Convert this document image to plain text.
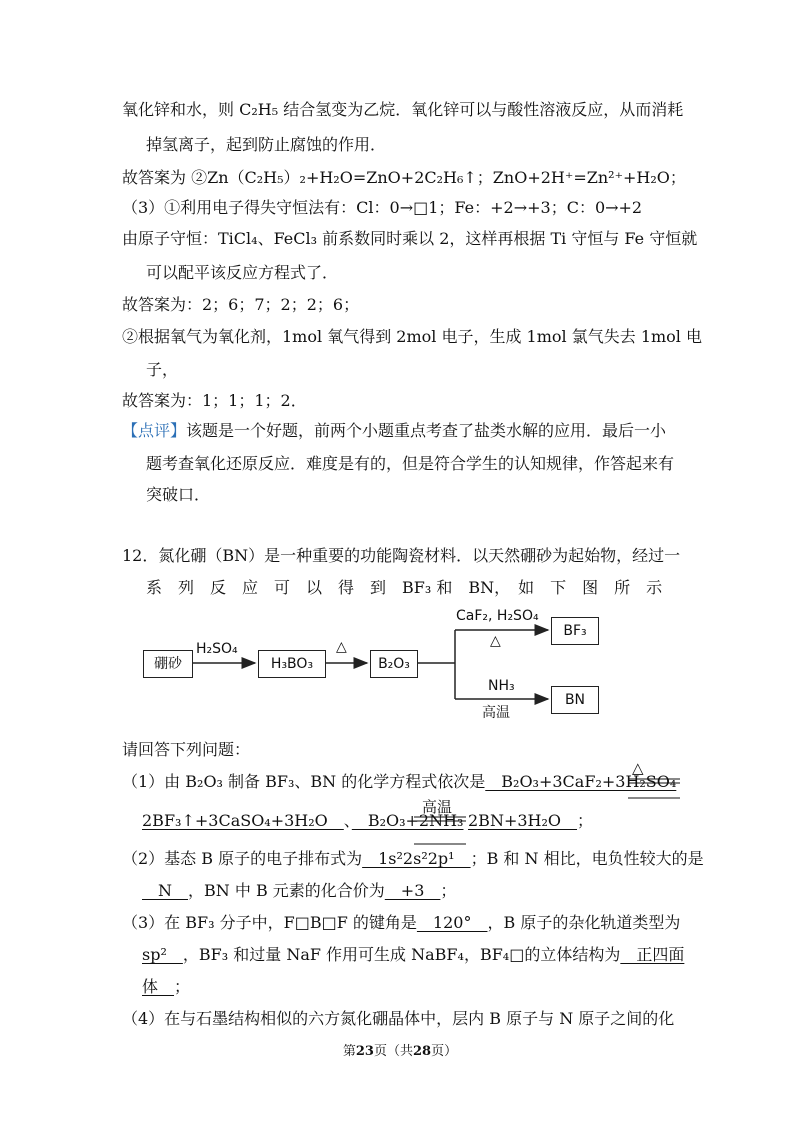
氧化锌和水，则 C₂H₅ 结合氢变为乙烷．氧化锌可以与酸性溶液反应，从而消耗
掉氢离子，起到防止腐蚀的作用．
故答案为 ②Zn（C₂H₅）₂+H₂O=ZnO+2C₂H₆↑；ZnO+2H⁺=Zn²⁺+H₂O；
（3）①利用电子得失守恒法有：Cl：0→□1；Fe：+2→+3；C：0→+2
由原子守恒：TiCl₄、FeCl₃ 前系数同时乘以 2，这样再根据 Ti 守恒与 Fe 守恒就
可以配平该反应方程式了．
故答案为：2；6；7；2；2；6；
②根据氧气为氧化剂，1mol 氧气得到 2mol 电子，生成 1mol 氯气失去 1mol 电
子，
故答案为：1；1；1；2．
【点评】该题是一个好题，前两个小题重点考查了盐类水解的应用．最后一小
题考查氧化还原反应．难度是有的，但是符合学生的认知规律，作答起来有
突破口．
12．氮化硼（BN）是一种重要的功能陶瓷材料．以天然硼砂为起始物，经过一
系　列　反　应　可　以　得　到　BF₃ 和　BN，　如　下　图　所　示
硼砂	H₃BO₃	B₂O₃
BF₃
BN
H₂SO₄	△
CaF₂, H₂SO₄
△
NH₃
高温
请回答下列问题：
（1）由 B₂O₃ 制备 BF₃、BN 的化学方程式依次是　B₂O₃+3CaF₂+3H₂SO₄
△
2BF₃↑+3CaSO₄+3H₂O　、　B₂O₃+2NH₃
高温
2BN+3H₂O　；
（2）基态 B 原子的电子排布式为　1s²2s²2p¹　；B 和 N 相比，电负性较大的是
　N　，BN 中 B 元素的化合价为　+3　；
（3）在 BF₃ 分子中，F□B□F 的键角是　120°　，B 原子的杂化轨道类型为
sp²　，BF₃ 和过量 NaF 作用可生成 NaBF₄，BF₄□的立体结构为　正四面
体　；
（4）在与石墨结构相似的六方氮化硼晶体中，层内 B 原子与 N 原子之间的化
第23页（共28页）
